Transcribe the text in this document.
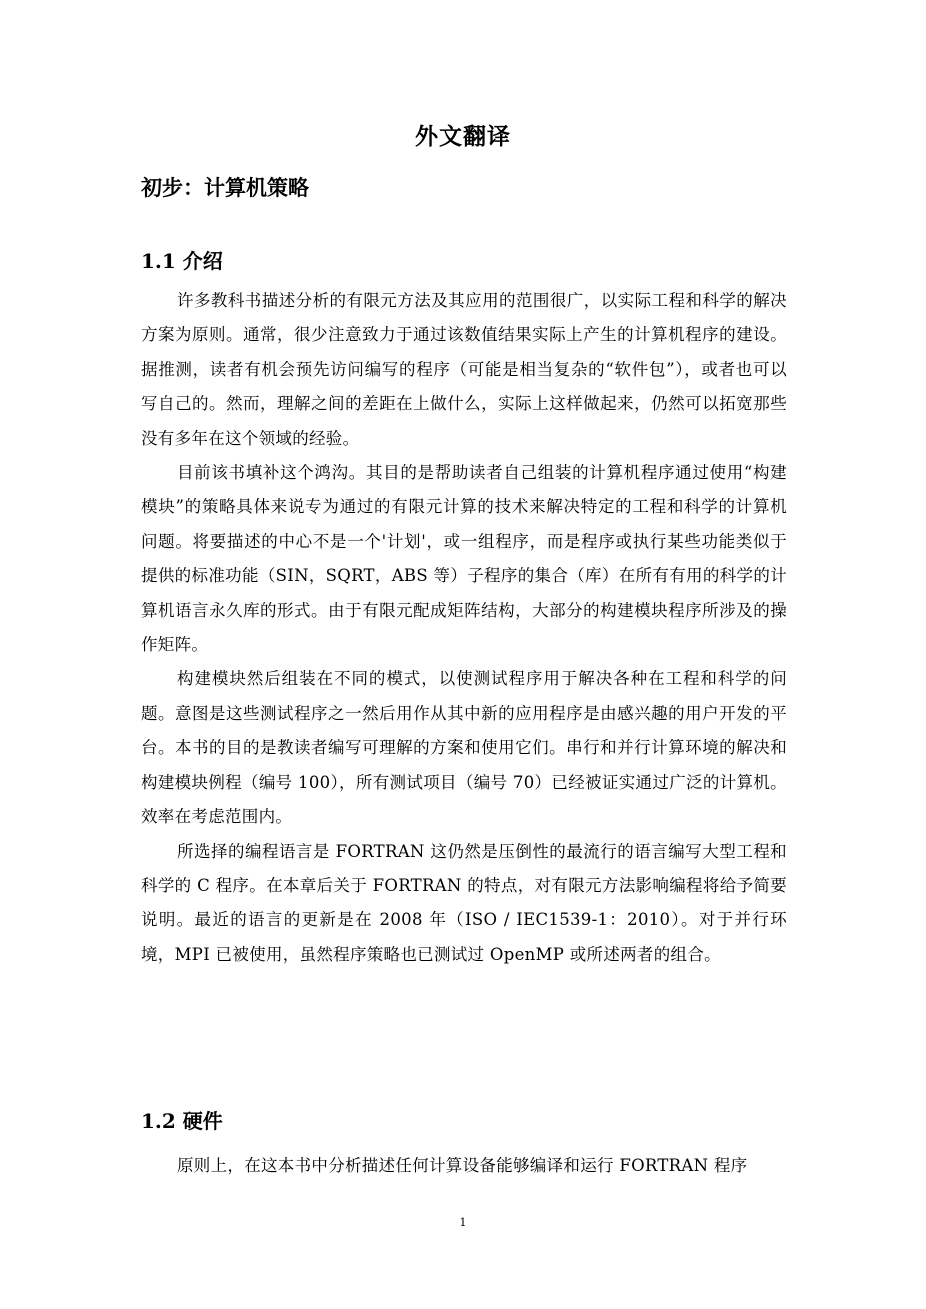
外文翻译
初步：计算机策略
1.1 介绍

许多教科书描述分析的有限元方法及其应用的范围很广，以实际工程和科学的解决方案为原则。通常，很少注意致力于通过该数值结果实际上产生的计算机程序的建设。据推测，读者有机会预先访问编写的程序（可能是相当复杂的“软件包”），或者也可以写自己的。然而，理解之间的差距在上做什么，实际上这样做起来，仍然可以拓宽那些没有多年在这个领域的经验。

目前该书填补这个鸿沟。其目的是帮助读者自己组装的计算机程序通过使用“构建模块”的策略具体来说专为通过的有限元计算的技术来解决特定的工程和科学的计算机问题。将要描述的中心不是一个'计划'，或一组程序，而是程序或执行某些功能类似于提供的标准功能（SIN，SQRT，ABS 等）子程序的集合（库）在所有有用的科学的计算机语言永久库的形式。由于有限元配成矩阵结构，大部分的构建模块程序所涉及的操作矩阵。

构建模块然后组装在不同的模式，以使测试程序用于解决各种在工程和科学的问题。意图是这些测试程序之一然后用作从其中新的应用程序是由感兴趣的用户开发的平台。本书的目的是教读者编写可理解的方案和使用它们。串行和并行计算环境的解决和构建模块例程（编号 100），所有测试项目（编号 70）已经被证实通过广泛的计算机。效率在考虑范围内。

所选择的编程语言是 FORTRAN 这仍然是压倒性的最流行的语言编写大型工程和科学的 C 程序。在本章后关于 FORTRAN 的特点，对有限元方法影响编程将给予简要说明。最近的语言的更新是在 2008 年（ISO / IEC1539-1：2010）。对于并行环境，MPI 已被使用，虽然程序策略也已测试过 OpenMP 或所述两者的组合。

1.2 硬件

原则上，在这本书中分析描述任何计算设备能够编译和运行 FORTRAN 程序

1
